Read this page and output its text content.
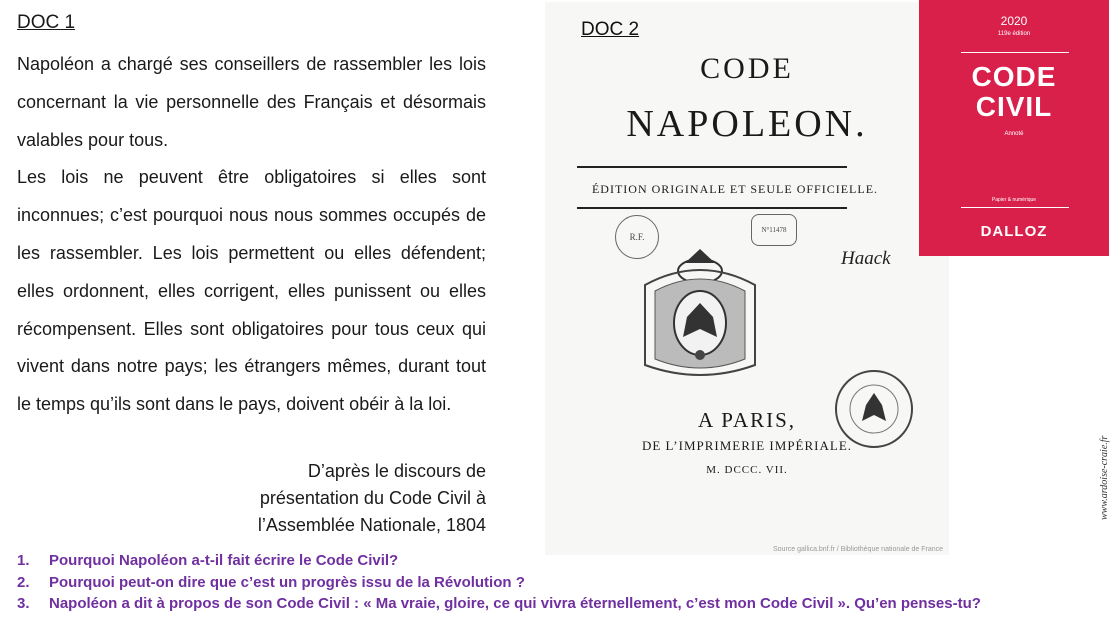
DOC 1

Napoléon a chargé ses conseillers de rassembler les lois concernant la vie personnelle des Français et désormais valables pour tous.

Les lois ne peuvent être obligatoires si elles sont inconnues; c’est pourquoi nous nous sommes occupés de les rassembler. Les lois permettent ou elles défendent; elles ordonnent, elles corrigent, elles punissent ou elles récompensent. Elles sont obligatoires pour tous ceux qui vivent dans notre pays; les étrangers mêmes, durant tout le temps qu’ils sont dans le pays, doivent obéir à la loi.

D’après le discours de présentation du Code Civil à l’Assemblée Nationale, 1804
DOC 2
CODE
NAPOLEON.
ÉDITION ORIGINALE ET SEULE OFFICIELLE.
R.F.
N°11478
Haack
A PARIS,
DE L’IMPRIMERIE IMPÉRIALE.
M. DCCC. VII.
Source gallica.bnf.fr / Bibliothèque nationale de France
2020
119e édition
CODE
CIVIL
Annoté
Papier & numérique
DALLOZ
1. Pourquoi Napoléon a-t-il fait écrire le Code Civil?
2. Pourquoi peut-on dire que c’est un progrès issu de la Révolution ?
3. Napoléon a dit à propos de son Code Civil : « Ma vraie, gloire, ce qui vivra éternellement, c’est mon Code Civil ». Qu’en penses-tu?
www.ardoise-craie.fr
